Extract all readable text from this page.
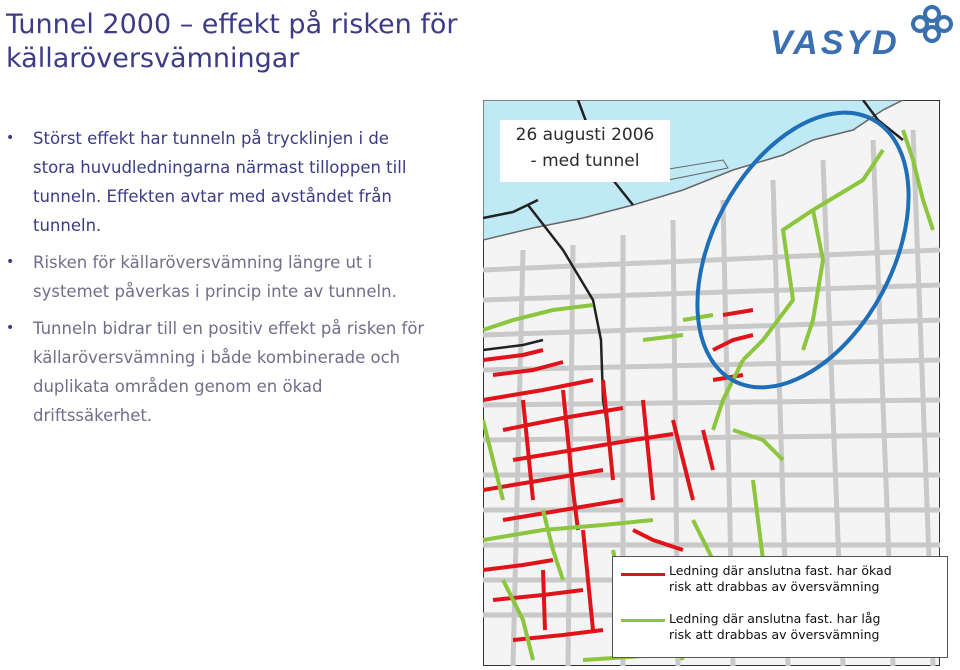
Tunnel 2000 – effekt på risken för
källaröversvämningar	VASYD
• Störst effekt har tunneln på trycklinjen i de stora huvudledningarna närmast tilloppen till tunneln. Effekten avtar med avståndet från tunneln.
• Risken för källaröversvämning längre ut i systemet påverkas i princip inte av tunneln.
• Tunneln bidrar till en positiv effekt på risken för källaröversvämning i både kombinerade och duplikata områden genom en ökad driftssäkerhet.
26 augusti 2006
- med tunnel
Ledning där anslutna fast. har ökad
risk att drabbas av översvämning
Ledning där anslutna fast. har låg
risk att drabbas av översvämning
